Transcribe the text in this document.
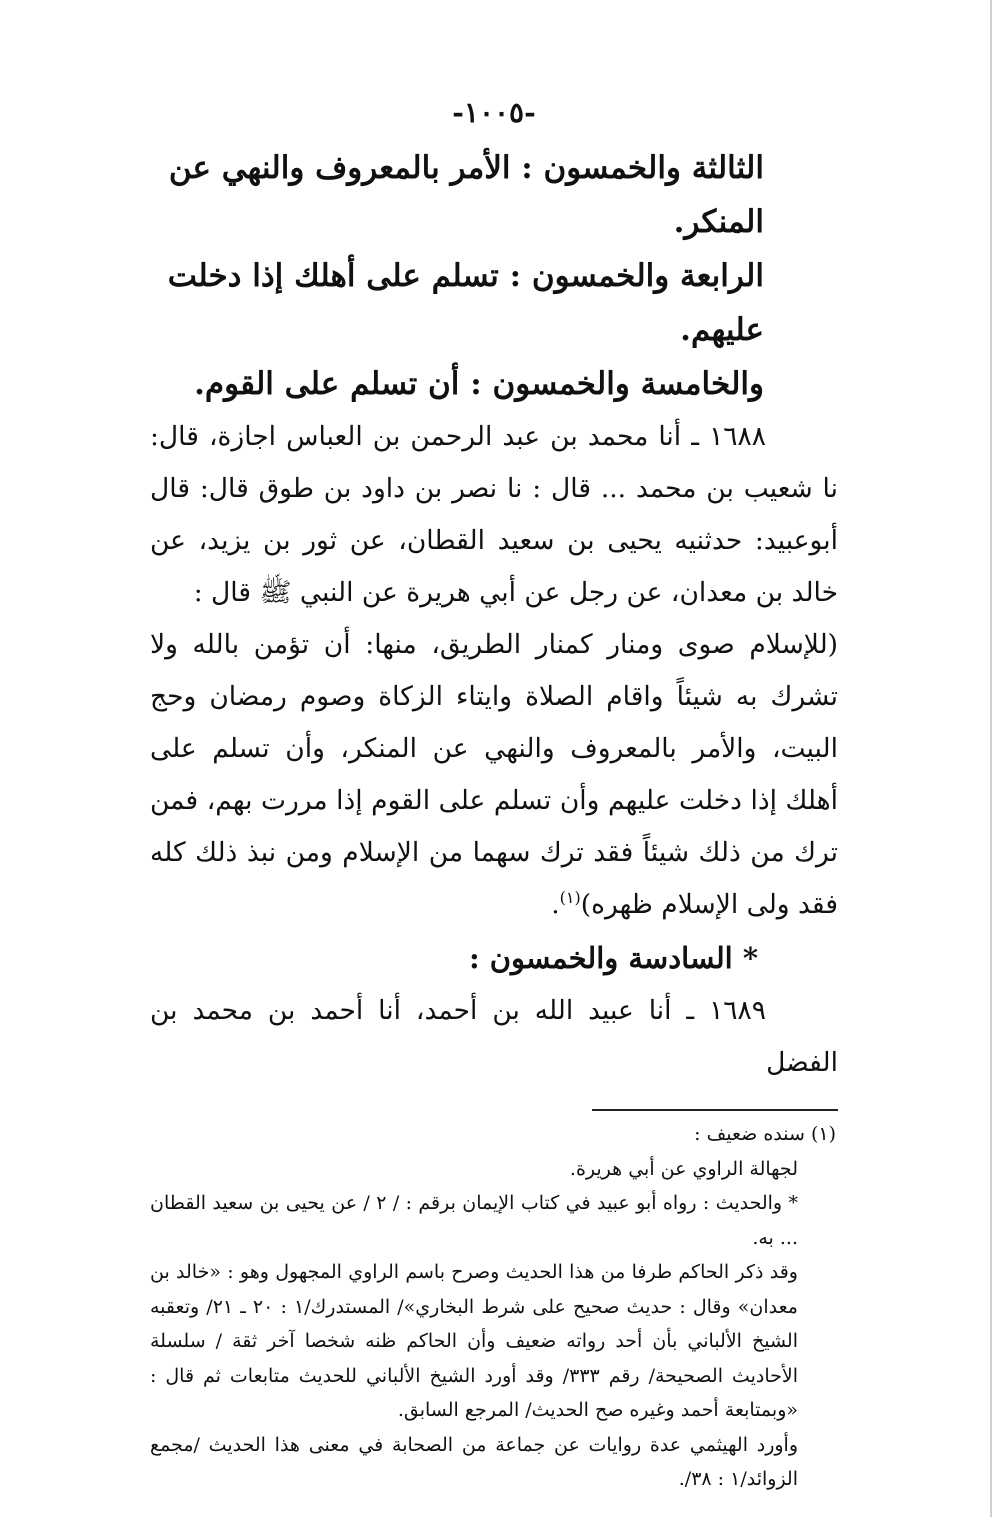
-١٠٠٥-

الثالثة والخمسون : الأمر بالمعروف والنهي عن المنكر.

الرابعة والخمسون : تسلم على أهلك إذا دخلت عليهم.

والخامسة والخمسون : أن تسلم على القوم.

١٦٨٨ ـ أنا محمد بن عبد الرحمن بن العباس اجازة، قال: نا شعيب بن محمد ... قال : نا نصر بن داود بن طوق قال: قال أبوعبيد: حدثنيه يحيى بن سعيد القطان، عن ثور بن يزيد، عن خالد بن معدان، عن رجل عن أبي هريرة عن النبي ﷺ قال :

(للإسلام صوى ومنار كمنار الطريق، منها: أن تؤمن بالله ولا تشرك به شيئاً واقام الصلاة وايتاء الزكاة وصوم رمضان وحج البيت، والأمر بالمعروف والنهي عن المنكر، وأن تسلم على أهلك إذا دخلت عليهم وأن تسلم على القوم إذا مررت بهم، فمن ترك من ذلك شيئاً فقد ترك سهما من الإسلام ومن نبذ ذلك كله فقد ولى الإسلام ظهره)$^{(١)}$.

* السادسة والخمسون :

١٦٨٩ ـ أنا عبيد الله بن أحمد، أنا أحمد بن محمد بن الفضل

(١) سنده ضعيف :

لجهالة الراوي عن أبي هريرة.

* والحديث : رواه أبو عبيد في كتاب الإيمان برقم : / ٢ / عن يحيى بن سعيد القطان ... به.

وقد ذكر الحاكم طرفا من هذا الحديث وصرح باسم الراوي المجهول وهو : «خالد بن معدان» وقال : حديث صحيح على شرط البخاري»/ المستدرك/١ : ٢٠ ـ ٢١/ وتعقبه الشيخ الألباني بأن أحد رواته ضعيف وأن الحاكم ظنه شخصا آخر ثقة / سلسلة الأحاديث الصحيحة/ رقم ٣٣٣/ وقد أورد الشيخ الألباني للحديث متابعات ثم قال : «وبمتابعة أحمد وغيره صح الحديث/ المرجع السابق.

وأورد الهيثمي عدة روايات عن جماعة من الصحابة في معنى هذا الحديث /مجمع الزوائد/١ : ٣٨/.
